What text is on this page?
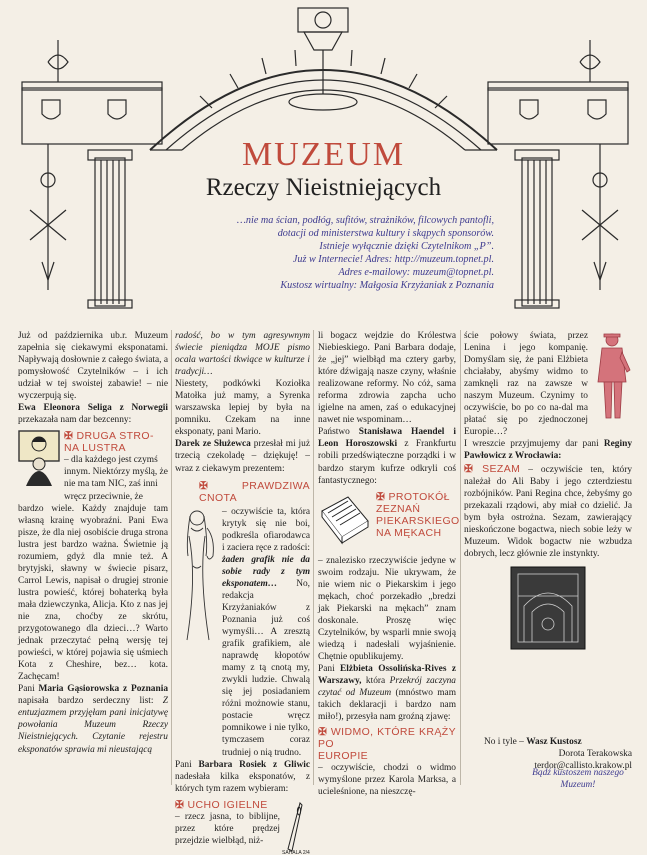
MUZEUM
Rzeczy Nieistniejących
…nie ma ścian, podłóg, sufitów, strażników, filcowych pantofli,
dotacji od ministerstwa kultury i skąpych sponsorów.
Istnieje wyłącznie dzięki Czytelnikom „P”.
Już w Internecie! Adres: http://muzeum.topnet.pl.
Adres e-mailowy: muzeum@topnet.pl.
Kustosz wirtualny: Małgosia Krzyżaniak z Poznania

Już od października ub.r. Muzeum zapełnia się ciekawymi eksponatami. Napływają dosłownie z całego świata, a pomysłowość Czytelników – i ich udział w tej swoistej zabawie! – nie wyczerpują się.

Ewa Eleonora Seliga z Norwegii przekazała nam dar bezcenny:

✠ DRUGA STRO-
NA LUSTRA

– dla każdego jest czymś innym. Niektórzy myślą, że nie ma tam NIC, zaś inni wręcz przeciwnie, że

bardzo wiele. Każdy znajduje tam własną krainę wyobraźni. Pani Ewa pisze, że dla niej osobiście druga strona lustra jest bardzo ważna. Świetnie ją rozumiem, gdyż dla mnie też. A brytyjski, sławny w świecie pisarz, Carrol Lewis, napisał o drugiej stronie lustra powieść, której bohaterką była mała dziewczynka, Alicja. Kto z nas jej nie zna, choćby ze skrótu, przygotowanego dla dzieci…? Warto jednak przeczytać pełną wersję tej powieści, w której pojawia się uśmiech Kota z Cheshire, bez… kota. Zachęcam!

Pani Maria Gąsiorowska z Poznania napisała bardzo serdeczny list: Z entuzjazmem przyjęłam pani inicjatywę powołania Muzeum Rzeczy Nieistniejących. Czytanie rejestru eksponatów sprawia mi nieustającą

radość, bo w tym agresywnym świecie pieniądza MOJE pismo ocala wartości tkwiące w kulturze i tradycji…

Niestety, podkówki Koziołka Matołka już mamy, a Syrenka warszawska lepiej by była na pomniku. Czekam na inne eksponaty, pani Mario.

Darek ze Służewca przesłał mi już trzecią czekoladę – dziękuję! – wraz z ciekawym prezentem:

✠	PRAWDZIWA CNOTA

– oczywiście ta, która krytyk się nie boi, podkreśla ofiarodawca i zaciera ręce z radości: żaden grafik nie da sobie rady z tym eksponatem… No, redakcja Krzyżaniaków z Poznania już coś wymyśli… A zresztą grafik grafikiem, ale naprawdę kłopotów mamy z tą cnotą my, zwykli ludzie. Chwalą się jej posiadaniem różni możnowie stanu, postacie wręcz pomnikowe i nie tylko, tymczasem coraz trudniej o nią trudno.

Pani Barbara Rosiek z Gliwic nadesłała kilka eksponatów, z których tym razem wybieram:

✠ UCHO IGIELNE

– rzecz jasna, to biblijne, przez które prędzej przejdzie wielbłąd, niż-

SAHALA 2/4

li bogacz wejdzie do Królestwa Niebieskiego. Pani Barbara dodaje, że „jej” wielbłąd ma cztery garby, które dźwigają nasze czyny, właśnie realizowane reformy. No cóż, sama reforma zdrowia zapcha ucho igielne na amen, zaś o edukacyjnej nawet nie wspominam…

Państwo Stanisława Haendel i Leon Horoszowski z Frankfurtu robili przedświąteczne porządki i w bardzo starym kufrze odkryli coś fantastycznego:

✠ PROTOKÓŁ
ZEZNAŃ
PIEKARSKIEGO
NA MĘKACH

– znalezisko rzeczywiście jedyne w swoim rodzaju. Nie ukrywam, że nie wiem nic o Piekarskim i jego mękach, choć porzekadło „bredzi jak Piekarski na mękach” znam doskonale. Proszę więc Czytelników, by wsparli mnie swoją wiedzą i nadesłali wyjaśnienie. Chętnie opublikujemy.

Pani Elżbieta Ossolińska-Rives z Warszawy, która Przekrój zaczyna czytać od Muzeum (mnóstwo mam takich deklaracji i bardzo nam miło!), przesyła nam groźną zjawę:

✠ WIDMO, KTÓRE KRĄŻY PO
EUROPIE

– oczywiście, chodzi o widmo wymyślone przez Karola Marksa, a ucieleśnione, na nieszczę-

ście połowy świata, przez Lenina i jego kompanię. Domyślam się, że pani Elżbieta chciałaby, abyśmy widmo to zamknęli raz na zawsze w naszym Muzeum. Czynimy to oczywiście, bo po co na-dal ma płatać się po zjednoczonej Europie…?

I wreszcie przyjmujemy dar pani Reginy Pawłowicz z Wrocławia:

✠ SEZAM – oczywiście ten, który należał do Ali Baby i jego czterdziestu rozbójników. Pani Regina chce, żebyśmy go przekazali rządowi, aby miał co dzielić. Ja bym była ostrożna. Sezam, zawierający nieskończone bogactwa, niech sobie leży w Muzeum. Widok bogactw nie wzbudza dobrych, lecz głównie zle instynkty.
No i tyle – Wasz Kustosz
Dorota Terakowska
terdor@callisto.krakow.pl
Bądź kustoszem naszego Muzeum!
